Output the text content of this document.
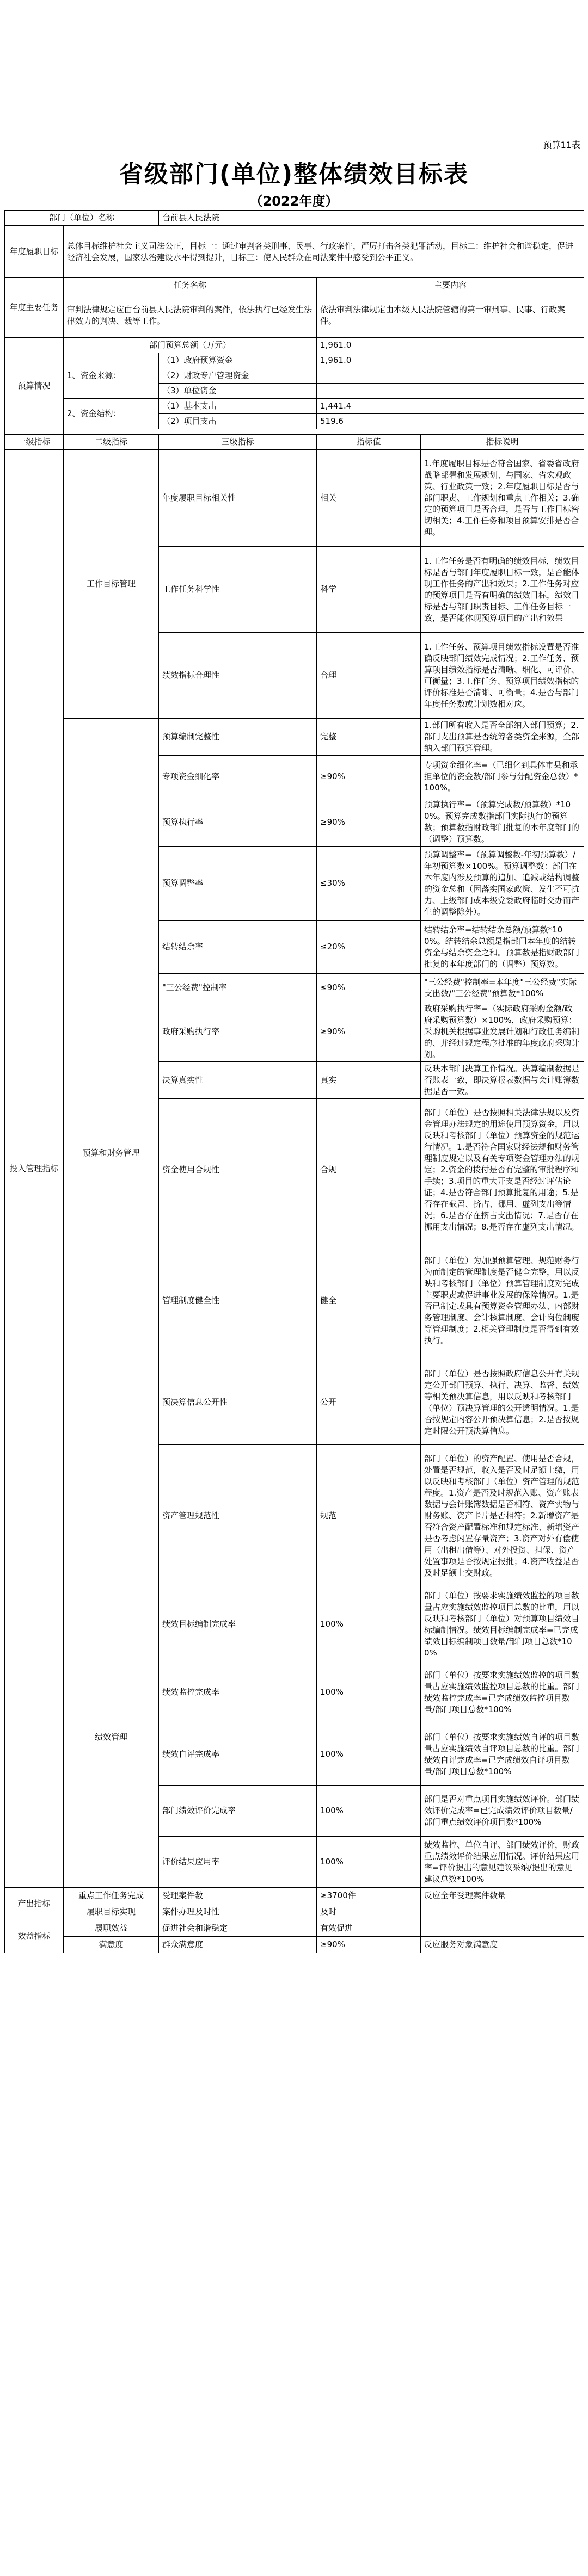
预算11表
省级部门(单位)整体绩效目标表
（2022年度）
部门（单位）名称		台前县人民法院		
年度履职目标	总体目标维护社会主义司法公正，目标一：通过审判各类刑事、民事、行政案件，严厉打击各类犯罪活动，目标二：维护社会和谐稳定，促进经济社会发展，国家法治建设水平得到提升，目标三：使人民群众在司法案件中感受到公平正义。			
年度主要任务	任务名称		主要内容	
	审判法律规定应由台前县人民法院审判的案件，依法执行已经发生法律效力的判决、裁等工作。		依法审判法律规定由本级人民法院管辖的第一审刑事、民事、行政案件。	
预算情况	部门预算总额（万元）		1,961.0	
	1、资金来源：	（1）政府预算资金	1,961.0	
		（2）财政专户管理资金		
		（3）单位资金		
	2、资金结构：	（1）基本支出	1,441.4	
		（2）项目支出	519.6	

一级指标	二级指标	三级指标	指标值	指标说明
投入管理指标	工作目标管理	年度履职目标相关性	相关	1.年度履职目标是否符合国家、省委省政府战略部署和发展规划、与国家、省宏观政策、行业政策一致；2.年度履职目标是否与部门职责、工作规划和重点工作相关；3.确定的预算项目是否合理，是否与工作目标密切相关；4.工作任务和项目预算安排是否合理。
		工作任务科学性	科学	1.工作任务是否有明确的绩效目标，绩效目标是否与部门年度履职目标一致，是否能体现工作任务的产出和效果；2.工作任务对应的预算项目是否有明确的绩效目标，绩效目标是否与部门职责目标、工作任务目标一致，是否能体现预算项目的产出和效果
		绩效指标合理性	合理	1.工作任务、预算项目绩效指标设置是否准确反映部门绩效完成情况；2.工作任务、预算项目绩效指标是否清晰、细化、可评价、可衡量；3.工作任务、预算项目绩效指标的评价标准是否清晰、可衡量；4.是否与部门年度任务数或计划数相对应。
	预算和财务管理	预算编制完整性	完整	1.部门所有收入是否全部纳入部门预算；2.部门支出预算是否统筹各类资金来源，全部纳入部门预算管理。
		专项资金细化率	≥90%	专项资金细化率=（已细化到具体市县和承担单位的资金数/部门参与分配资金总数）*100%。
		预算执行率	≥90%	预算执行率=（预算完成数/预算数）*100%。预算完成数指部门实际执行的预算数；预算数指财政部门批复的本年度部门的（调整）预算数。
		预算调整率	≤30%	预算调整率=（预算调整数-年初预算数）/年初预算数×100%。预算调整数：部门在本年度内涉及预算的追加、追减或结构调整的资金总和（因落实国家政策、发生不可抗力、上级部门或本级党委政府临时交办而产生的调整除外）。
		结转结余率	≤20%	结转结余率=结转结余总额/预算数*100%。结转结余总额是指部门本年度的结转资金与结余资金之和。预算数是指财政部门批复的本年度部门的（调整）预算数。
		"三公经费"控制率	≤90%	"三公经费"控制率=本年度"三公经费"实际支出数/"三公经费"预算数*100%
		政府采购执行率	≥90%	政府采购执行率=（实际政府采购金额/政府采购预算数）×100%，政府采购预算：采购机关根据事业发展计划和行政任务编制的、并经过规定程序批准的年度政府采购计划。
		决算真实性	真实	反映本部门决算工作情况。决算编制数据是否账表一致，即决算报表数据与会计账簿数据是否一致。
		资金使用合规性	合规	部门（单位）是否按照相关法律法规以及资金管理办法规定的用途使用预算资金，用以反映和考核部门（单位）预算资金的规范运行情况。1.是否符合国家财经法规和财务管理制度规定以及有关专项资金管理办法的规定；2.资金的拨付是否有完整的审批程序和手续；3.项目的重大开支是否经过评估论证；4.是否符合部门预算批复的用途；5.是否存在截留、挤占、挪用、虚列支出等情况；6.是否存在挤占支出情况；7.是否存在挪用支出情况；8.是否存在虚列支出情况。
		管理制度健全性	健全	部门（单位）为加强预算管理、规范财务行为而制定的管理制度是否健全完整，用以反映和考核部门（单位）预算管理制度对完成主要职责或促进事业发展的保障情况。1.是否已制定或具有预算资金管理办法、内部财务管理制度、会计核算制度、会计岗位制度等管理制度；2.相关管理制度是否得到有效执行。
		预决算信息公开性	公开	部门（单位）是否按照政府信息公开有关规定公开部门预算、执行、决算、监督、绩效等相关预决算信息，用以反映和考核部门（单位）预决算管理的公开透明情况。1.是否按规定内容公开预决算信息；2.是否按规定时限公开预决算信息。
		资产管理规范性	规范	部门（单位）的资产配置、使用是否合规，处置是否规范，收入是否及时足额上缴，用以反映和考核部门（单位）资产管理的规范程度。1.资产是否及时规范入账、资产账表数据与会计账簿数据是否相符、资产实物与财务账、资产卡片是否相符；2.新增资产是否符合资产配置标准和规定标准、新增资产是否考虑闲置存量资产；3.资产对外有偿使用（出租出借等）、对外投资、担保、资产处置事项是否按规定报批；4.资产收益是否及时足额上交财政。
	绩效管理	绩效目标编制完成率	100%	部门（单位）按要求实施绩效监控的项目数量占应实施绩效监控项目总数的比重，用以反映和考核部门（单位）对预算项目绩效目标编制情况。绩效目标编制完成率=已完成绩效目标编制项目数量/部门项目总数*100%
		绩效监控完成率	100%	部门（单位）按要求实施绩效监控的项目数量占应实施绩效监控项目总数的比重。部门绩效监控完成率=已完成绩效监控项目数量/部门项目总数*100%
		绩效自评完成率	100%	部门（单位）按要求实施绩效自评的项目数量占应实施绩效自评项目总数的比重。部门绩效自评完成率=已完成绩效自评项目数量/部门项目总数*100%
		部门绩效评价完成率	100%	部门是否对重点项目实施绩效评价。部门绩效评价完成率=已完成绩效评价项目数量/部门重点绩效评价项目数*100%
		评价结果应用率	100%	绩效监控、单位自评、部门绩效评价，财政重点绩效评价结果应用情况。评价结果应用率=评价提出的意见建议采纳/提出的意见建议总数*100%
产出指标	重点工作任务完成	受理案件数	≥3700件	反应全年受理案件数量
	履职目标实现	案件办理及时性	及时	
效益指标	履职效益	促进社会和谐稳定	有效促进	
	满意度	群众满意度	≥90%	反应服务对象满意度
